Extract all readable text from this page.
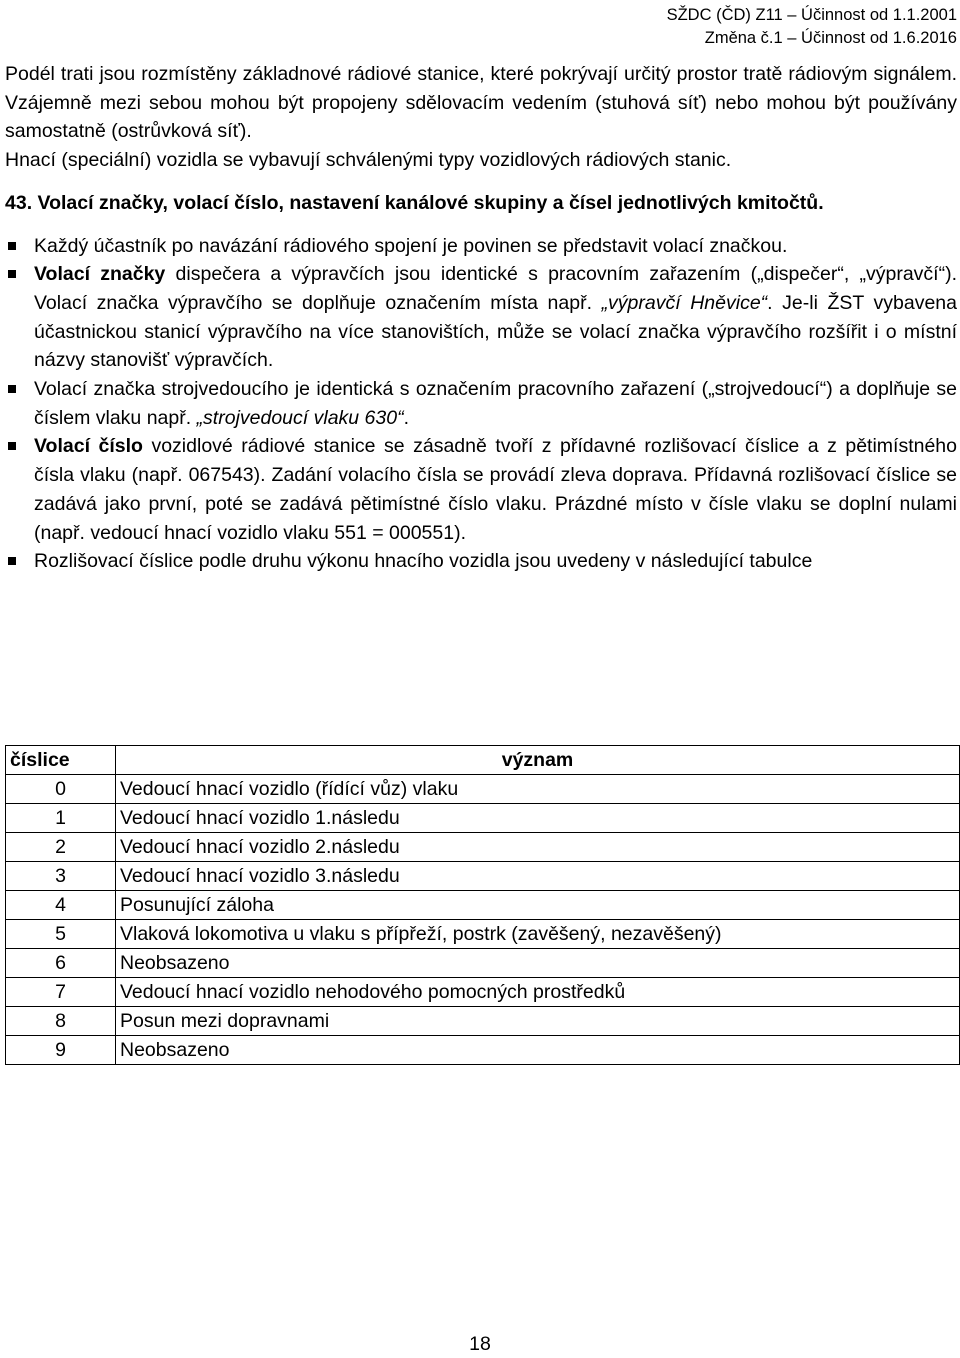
SŽDC (ČD) Z11 – Účinnost od 1.1.2001
Změna č.1 – Účinnost od 1.6.2016

Podél trati jsou rozmístěny základnové rádiové stanice, které pokrývají určitý prostor tratě rádiovým signálem. Vzájemně mezi sebou mohou být propojeny sdělovacím vedením (stuhová síť) nebo mohou být používány samostatně (ostrůvková síť).

Hnací (speciální) vozidla se vybavují schválenými typy vozidlových rádiových stanic.

43. Volací značky, volací číslo, nastavení kanálové skupiny a čísel jednotlivých kmitočtů.
Každý účastník po navázání rádiového spojení je povinen se představit volací značkou.
Volací značky dispečera a výpravčích jsou identické s pracovním zařazením („dispečer“, „výpravčí“). Volací značka výpravčího se doplňuje označením místa např. „výpravčí Hněvice“. Je-li ŽST vybavena účastnickou stanicí výpravčího na více stanovištích, může se volací značka výpravčího rozšířit i o místní názvy stanovišť výpravčích.
Volací značka strojvedoucího je identická s označením pracovního zařazení („strojvedoucí“) a doplňuje se číslem vlaku např. „strojvedoucí vlaku 630“.
Volací číslo vozidlové rádiové stanice se zásadně tvoří z přídavné rozlišovací číslice a z pětimístného čísla vlaku (např. 067543). Zadání volacího čísla se provádí zleva doprava. Přídavná rozlišovací číslice se zadává jako první, poté se zadává pětimístné číslo vlaku. Prázdné místo v čísle vlaku se doplní nulami (např. vedoucí hnací vozidlo vlaku 551 = 000551).
Rozlišovací číslice podle druhu výkonu hnacího vozidla jsou uvedeny v následující tabulce
číslice	význam
0	Vedoucí hnací vozidlo (řídící vůz) vlaku
1	Vedoucí hnací vozidlo 1.následu
2	Vedoucí hnací vozidlo 2.následu
3	Vedoucí hnací vozidlo 3.následu
4	Posunující záloha
5	Vlaková lokomotiva u vlaku s přípřeží, postrk (zavěšený, nezavěšený)
6	Neobsazeno
7	Vedoucí hnací vozidlo nehodového pomocných prostředků
8	Posun mezi dopravnami
9	Neobsazeno
18
